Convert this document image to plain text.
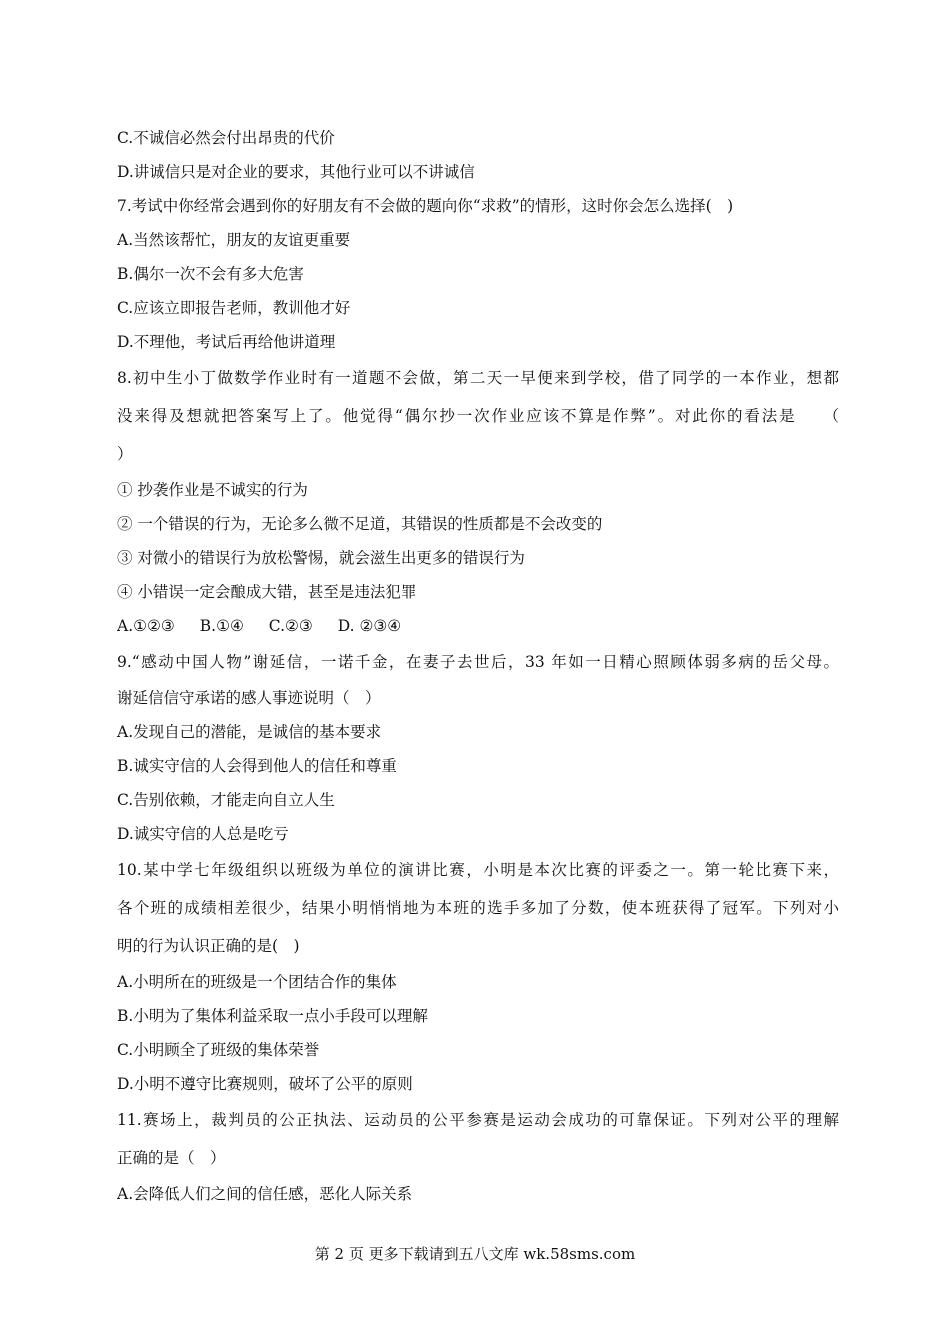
C.不诚信必然会付出昂贵的代价
D.讲诚信只是对企业的要求，其他行业可以不讲诚信
7.考试中你经常会遇到你的好朋友有不会做的题向你“求救”的情形，这时你会怎么选择(　)
A.当然该帮忙，朋友的友谊更重要
B.偶尔一次不会有多大危害
C.应该立即报告老师，教训他才好
D.不理他，考试后再给他讲道理
8.初中生小丁做数学作业时有一道题不会做，第二天一早便来到学校，借了同学的一本作业，想都
没来得及想就把答案写上了。他觉得“偶尔抄一次作业应该不算是作弊”。对此你的看法是　　（
）
① 抄袭作业是不诚实的行为
② 一个错误的行为，无论多么微不足道，其错误的性质都是不会改变的
③ 对微小的错误行为放松警惕，就会滋生出更多的错误行为
④ 小错误一定会酿成大错，甚至是违法犯罪
A.①②③ B.①④ C.②③ D. ②③④
9.“感动中国人物”谢延信，一诺千金，在妻子去世后，33 年如一日精心照顾体弱多病的岳父母。
谢延信信守承诺的感人事迹说明（　）
A.发现自己的潜能，是诚信的基本要求
B.诚实守信的人会得到他人的信任和尊重
C.告别依赖，才能走向自立人生
D.诚实守信的人总是吃亏
10.某中学七年级组织以班级为单位的演讲比赛，小明是本次比赛的评委之一。第一轮比赛下来，
各个班的成绩相差很少，结果小明悄悄地为本班的选手多加了分数，使本班获得了冠军。下列对小
明的行为认识正确的是(　)
A.小明所在的班级是一个团结合作的集体
B.小明为了集体利益采取一点小手段可以理解
C.小明顾全了班级的集体荣誉
D.小明不遵守比赛规则，破坏了公平的原则
11.赛场上，裁判员的公正执法、运动员的公平参赛是运动会成功的可靠保证。下列对公平的理解
正确的是（　）
A.会降低人们之间的信任感，恶化人际关系
第 2 页 更多下载请到五八文库 wk.58sms.com
